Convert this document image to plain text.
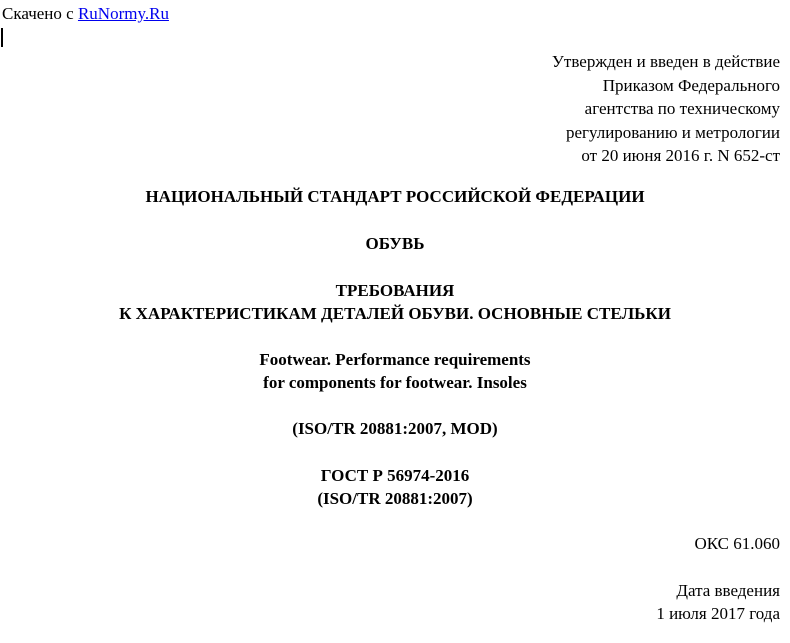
Скачено с RuNormy.Ru
Утвержден и введен в действие
Приказом Федерального
агентства по техническому
регулированию и метрологии
от 20 июня 2016 г. N 652-ст
НАЦИОНАЛЬНЫЙ СТАНДАРТ РОССИЙСКОЙ ФЕДЕРАЦИИ
ОБУВЬ
ТРЕБОВАНИЯ
К ХАРАКТЕРИСТИКАМ ДЕТАЛЕЙ ОБУВИ. ОСНОВНЫЕ СТЕЛЬКИ
Footwear. Performance requirements
for components for footwear. Insoles
(ISO/TR 20881:2007, MOD)
ГОСТ Р 56974-2016
(ISO/TR 20881:2007)
ОКС 61.060
Дата введения
1 июля 2017 года
